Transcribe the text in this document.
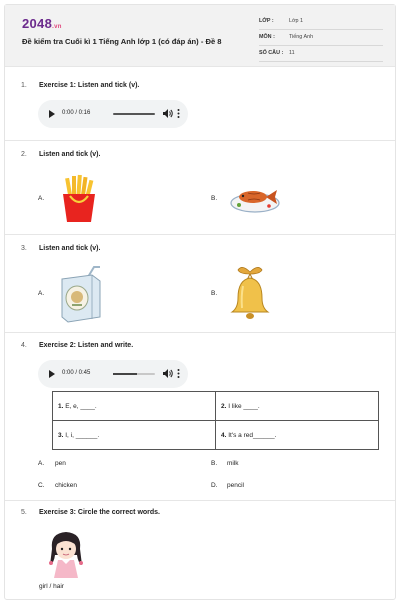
2048.vn
Đề kiểm tra Cuối kì 1 Tiếng Anh lớp 1 (có đáp án) - Đề 8
LỚP :	Lớp 1
MÔN :	Tiếng Anh
SỐ CÂU : 11
1. Exercise 1: Listen and tick (v).
0:00 / 0:16
2. Listen and tick (v).
A.	B.
3. Listen and tick (v).
A.	B.
4. Exercise 2: Listen and write.
0:00 / 0:45
1. E, e, ____.	2. I like ____.
3. I, i, ______.	4. It's a red______.
A. pen	B. milk
C. chicken	D. pencil
5. Exercise 3: Circle the correct words.
girl / hair
